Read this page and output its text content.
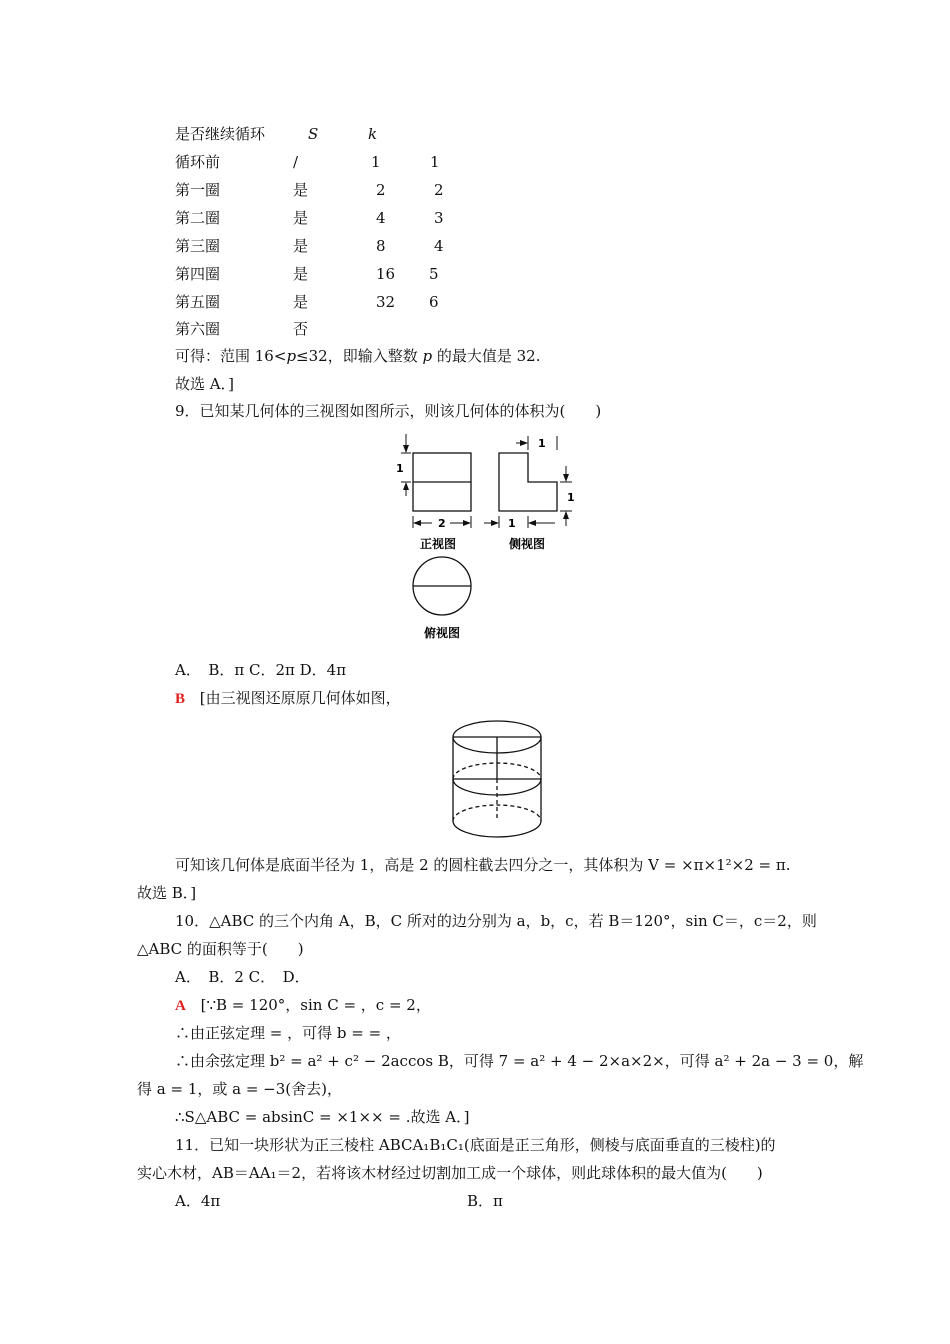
是否继续循环	S	k
循环前	/	1	1
第一圈	是	2	2
第二圈	是	4	3
第三圈	是	8	4
第四圈	是	16 5
第五圈	是	32 6
第六圈	否
可得：范围 16<p≤32，即输入整数 p 的最大值是 32.
故选 A．]
9．已知某几何体的三视图如图所示，则该几何体的体积为(　　)
1
2
1
1
1
正视图	侧视图
俯视图
A．　B．π C．2π D．4π
B [由三视图还原原几何体如图，
可知该几何体是底面半径为 1，高是 2 的圆柱截去四分之一，其体积为 V = ×π×1²×2 = π.
故选 B．]
10．△ABC 的三个内角 A，B，C 所对的边分别为 a，b，c，若 B＝120°，sin C＝，c＝2，则
△ABC 的面积等于(　　)
A．　B．2 C．　D．
A [∵B = 120°，sin C = ，c = 2，
∴由正弦定理 = ，可得 b = = ，
∴由余弦定理 b² = a² + c² − 2accos B，可得 7 = a² + 4 − 2×a×2×，可得 a² + 2a − 3 = 0，解
得 a = 1，或 a = −3(舍去)，
∴S△ABC = absinC = ×1×× = .故选 A．]
11．已知一块形状为正三棱柱 ABCA₁B₁C₁(底面是正三角形，侧棱与底面垂直的三棱柱)的
实心木材，AB＝AA₁＝2，若将该木材经过切割加工成一个球体，则此球体积的最大值为(　　)
A．4π	B．π
